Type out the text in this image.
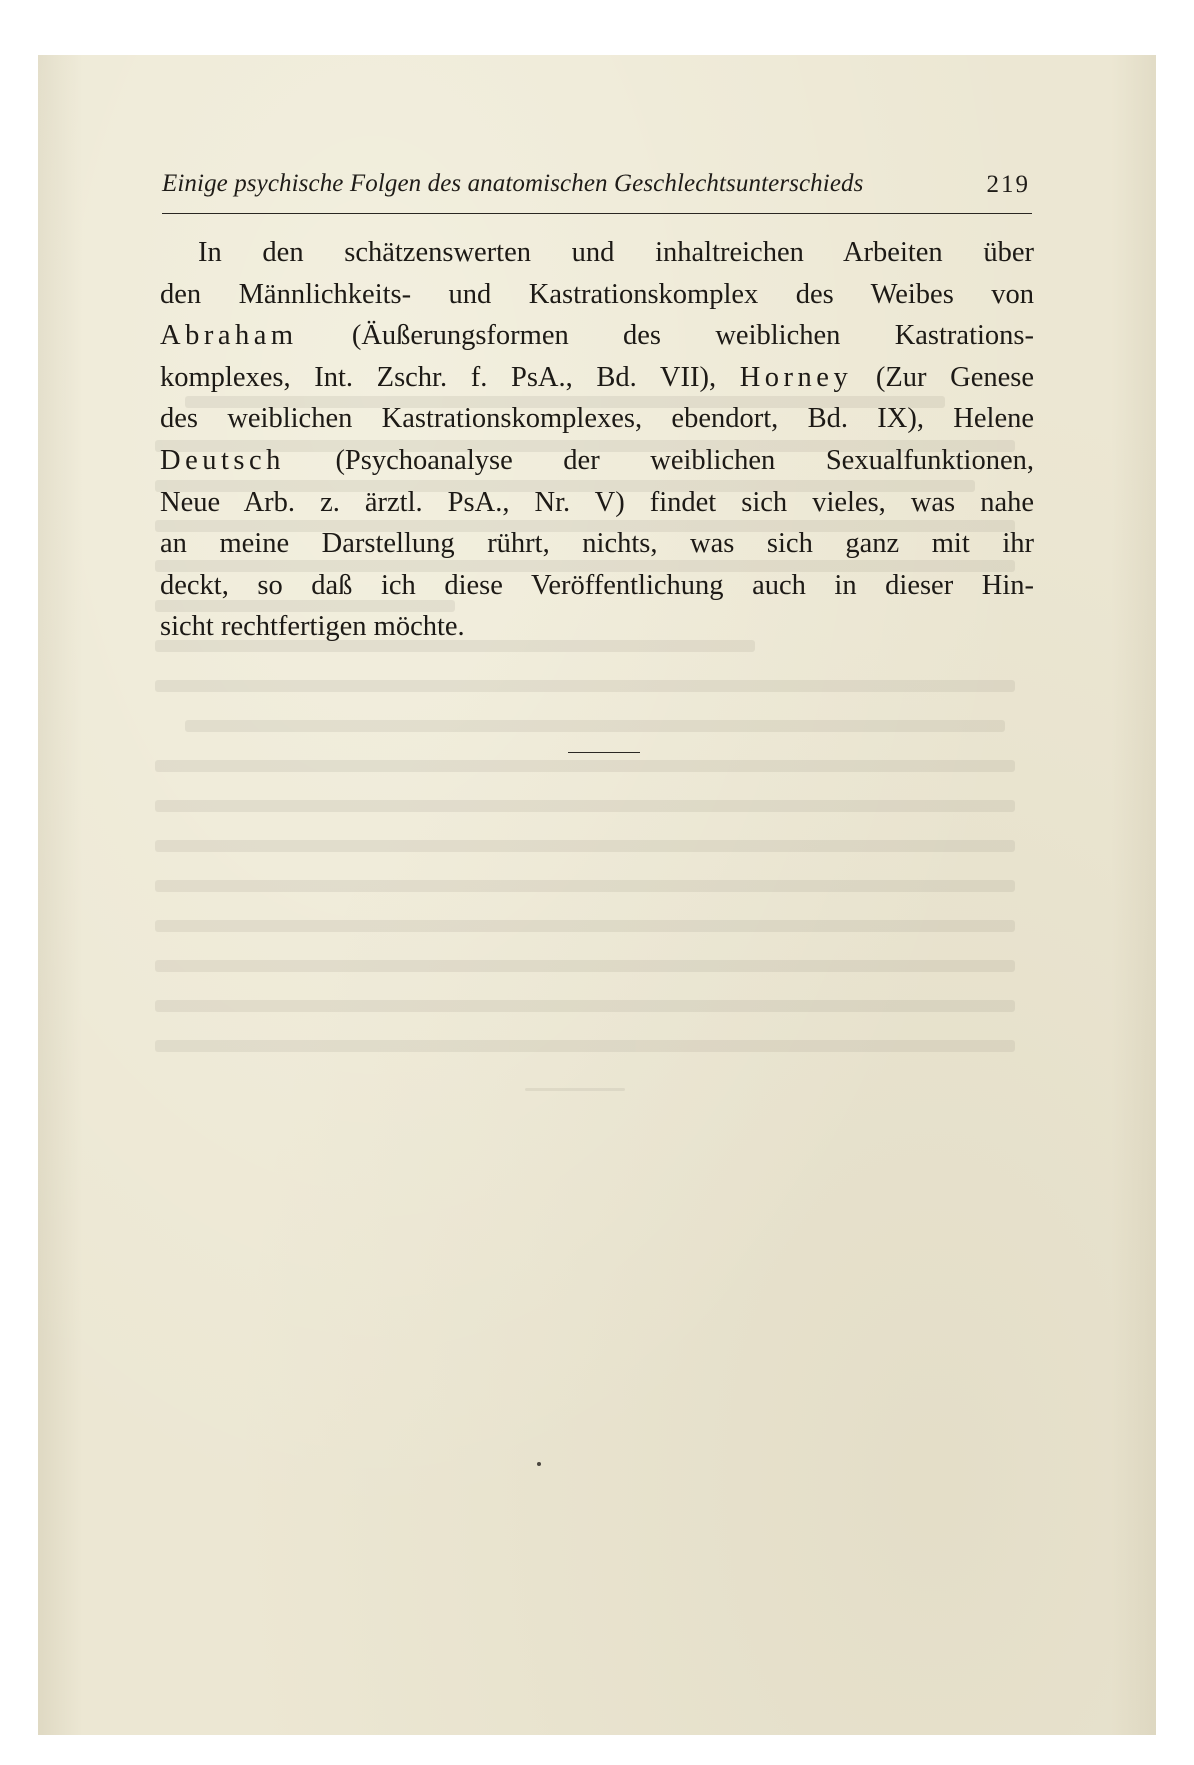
Einige psychische Folgen des anatomischen Geschlechtsunterschieds	219
In den schätzenswerten und inhaltreichen Arbeiten über
den Männlichkeits- und Kastrationskomplex des Weibes von
Abraham (Äußerungsformen des weiblichen Kastrations-
komplexes, Int. Zschr. f. PsA., Bd. VII), Horney (Zur Genese
des weiblichen Kastrationskomplexes, ebendort, Bd. IX), Helene
Deutsch (Psychoanalyse der weiblichen Sexualfunktionen,
Neue Arb. z. ärztl. PsA., Nr. V) findet sich vieles, was nahe
an meine Darstellung rührt, nichts, was sich ganz mit ihr
deckt, so daß ich diese Veröffentlichung auch in dieser Hin-
sicht rechtfertigen möchte.
